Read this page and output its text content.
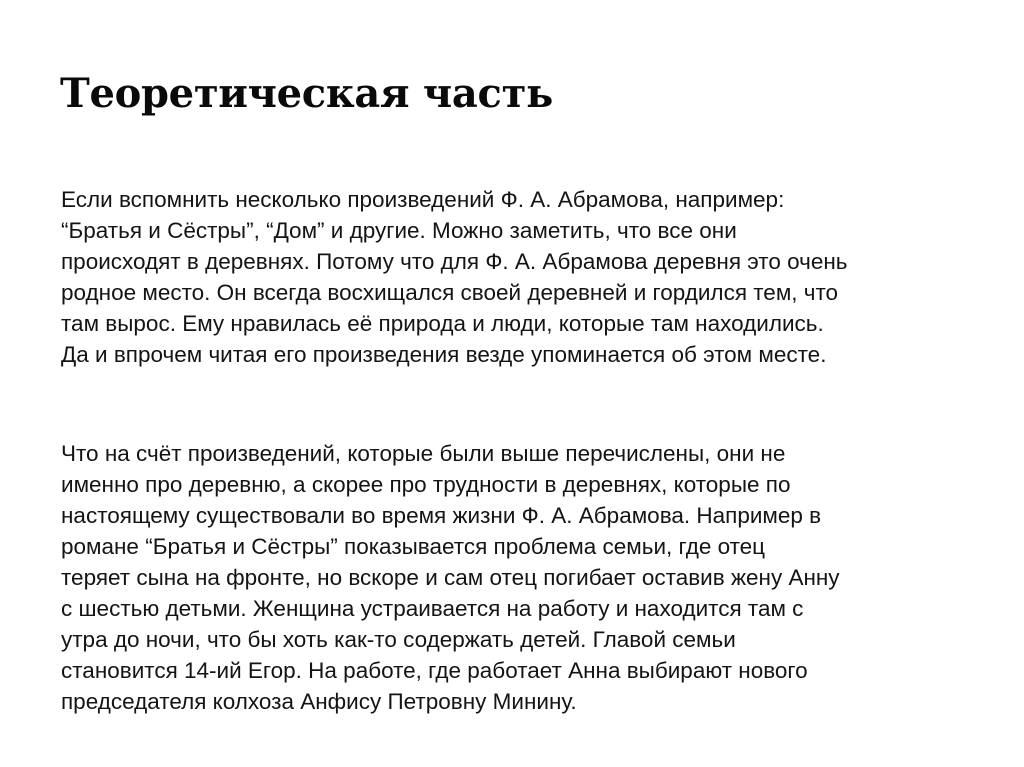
Теоретическая часть
Если вспомнить несколько произведений Ф. А. Абрамова, например:
“Братья и Сёстры”, “Дом” и другие. Можно заметить, что все они
происходят в деревнях. Потому что для Ф. А. Абрамова деревня это очень
родное место. Он всегда восхищался своей деревней и гордился тем, что
там вырос. Ему нравилась её природа и люди, которые там находились.
Да и впрочем читая его произведения везде упоминается об этом месте.
Что на счёт произведений, которые были выше перечислены, они не
именно про деревню, а скорее про трудности в деревнях, которые по
настоящему существовали во время жизни Ф. А. Абрамова. Например в
романе “Братья и Сёстры” показывается проблема семьи, где отец
теряет сына на фронте, но вскоре и сам отец погибает оставив жену Анну
с шестью детьми. Женщина устраивается на работу и находится там с
утра до ночи, что бы хоть как-то содержать детей. Главой семьи
становится 14-ий Егор. На работе, где работает Анна выбирают нового
председателя колхоза Анфису Петровну Минину.
